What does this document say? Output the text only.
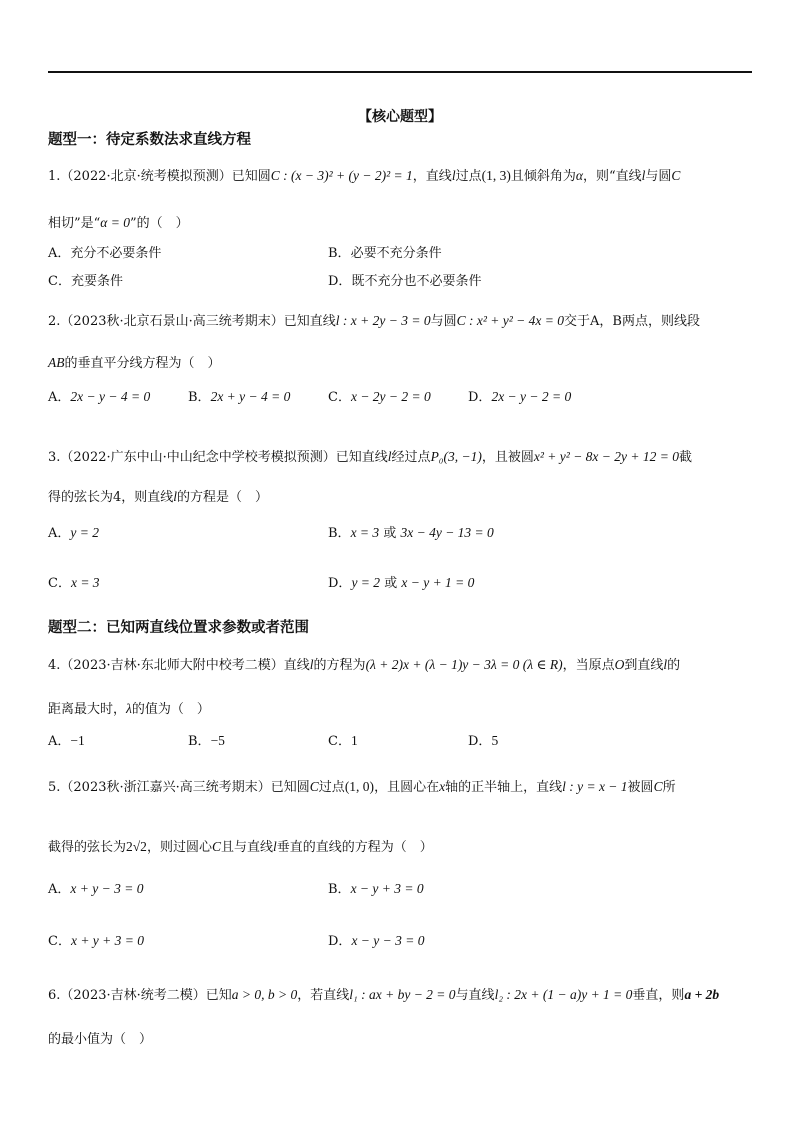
【核心题型】
题型一：待定系数法求直线方程
1.（2022·北京·统考模拟预测）已知圆C : (x − 3)² + (y − 2)² = 1，直线l过点(1, 3)且倾斜角为α，则“直线l与圆C
相切”是“α = 0”的（　）
A．充分不必要条件	B．必要不充分条件
C．充要条件	D．既不充分也不必要条件
2.（2023秋·北京石景山·高三统考期末）已知直线l : x + 2y − 3 = 0与圆C : x² + y² − 4x = 0交于A，B两点，则线段
AB的垂直平分线方程为（　）
A．2x − y − 4 = 0	B．2x + y − 4 = 0	C．x − 2y − 2 = 0	D．2x − y − 2 = 0
3.（2022·广东中山·中山纪念中学校考模拟预测）已知直线l经过点P₀(3, −1)，且被圆x² + y² − 8x − 2y + 12 = 0截
得的弦长为4，则直线l的方程是（　）
A．y = 2	B．x = 3 或 3x − 4y − 13 = 0
C．x = 3	D．y = 2 或 x − y + 1 = 0
题型二：已知两直线位置求参数或者范围
4.（2023·吉林·东北师大附中校考二模）直线l的方程为(λ + 2)x + (λ − 1)y − 3λ = 0 (λ ∈ R)，当原点O到直线l的
距离最大时，λ的值为（　）
A．−1	B．−5	C．1	D．5
5.（2023秋·浙江嘉兴·高三统考期末）已知圆C过点(1, 0)，且圆心在x轴的正半轴上，直线l : y = x − 1被圆C所
截得的弦长为2√2，则过圆心C且与直线l垂直的直线的方程为（　）
A．x + y − 3 = 0	B．x − y + 3 = 0
C．x + y + 3 = 0	D．x − y − 3 = 0
6.（2023·吉林·统考二模）已知a > 0, b > 0，若直线l₁ : ax + by − 2 = 0与直线l₂ : 2x + (1 − a)y + 1 = 0垂直，则a + 2b
的最小值为（　）
